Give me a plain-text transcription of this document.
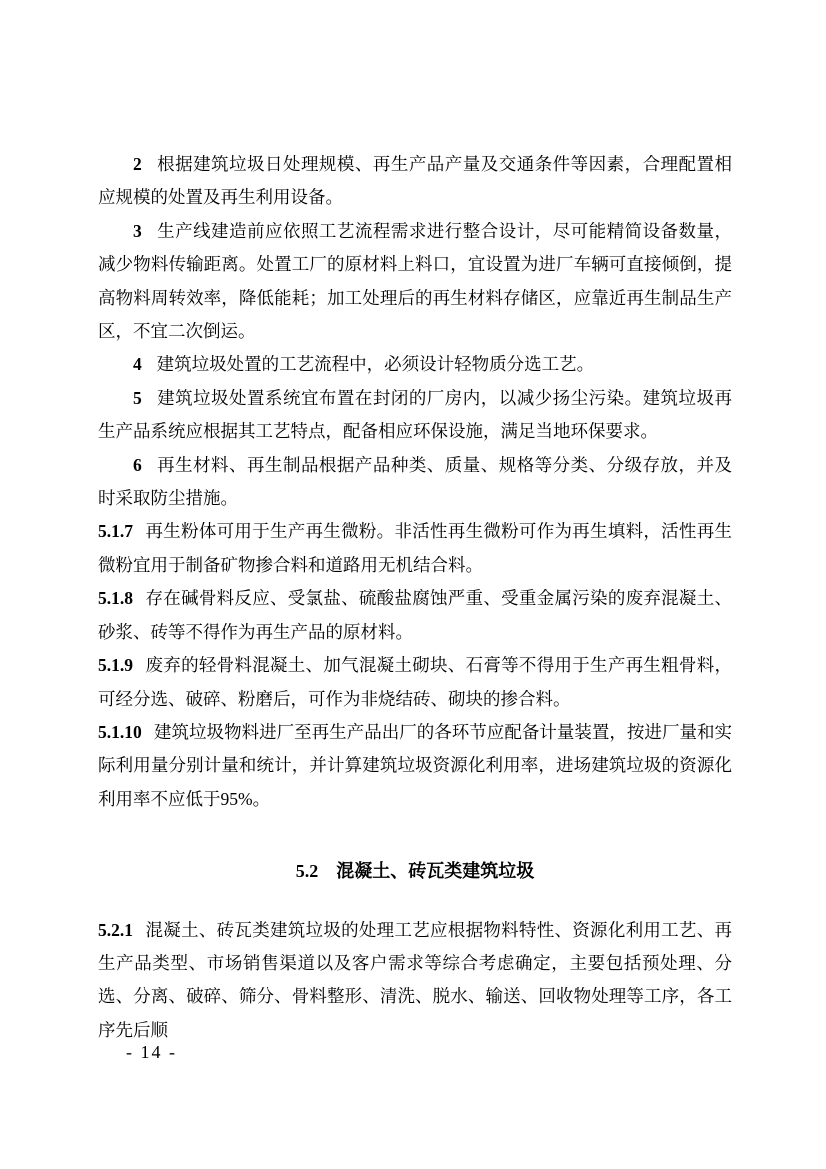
2 根据建筑垃圾日处理规模、再生产品产量及交通条件等因素，合理配置相应规模的处置及再生利用设备。

3 生产线建造前应依照工艺流程需求进行整合设计，尽可能精简设备数量，减少物料传输距离。处置工厂的原材料上料口，宜设置为进厂车辆可直接倾倒，提高物料周转效率，降低能耗；加工处理后的再生材料存储区，应靠近再生制品生产区，不宜二次倒运。

4 建筑垃圾处置的工艺流程中，必须设计轻物质分选工艺。

5 建筑垃圾处置系统宜布置在封闭的厂房内，以减少扬尘污染。建筑垃圾再生产品系统应根据其工艺特点，配备相应环保设施，满足当地环保要求。

6 再生材料、再生制品根据产品种类、质量、规格等分类、分级存放，并及时采取防尘措施。

5.1.7 再生粉体可用于生产再生微粉。非活性再生微粉可作为再生填料，活性再生微粉宜用于制备矿物掺合料和道路用无机结合料。

5.1.8 存在碱骨料反应、受氯盐、硫酸盐腐蚀严重、受重金属污染的废弃混凝土、砂浆、砖等不得作为再生产品的原材料。

5.1.9 废弃的轻骨料混凝土、加气混凝土砌块、石膏等不得用于生产再生粗骨料，可经分选、破碎、粉磨后，可作为非烧结砖、砌块的掺合料。

5.1.10 建筑垃圾物料进厂至再生产品出厂的各环节应配备计量装置，按进厂量和实际利用量分别计量和统计，并计算建筑垃圾资源化利用率，进场建筑垃圾的资源化利用率不应低于95%。

5.2 混凝土、砖瓦类建筑垃圾

5.2.1 混凝土、砖瓦类建筑垃圾的处理工艺应根据物料特性、资源化利用工艺、再生产品类型、市场销售渠道以及客户需求等综合考虑确定，主要包括预处理、分选、分离、破碎、筛分、骨料整形、清洗、脱水、输送、回收物处理等工序，各工序先后顺

- 14 -
